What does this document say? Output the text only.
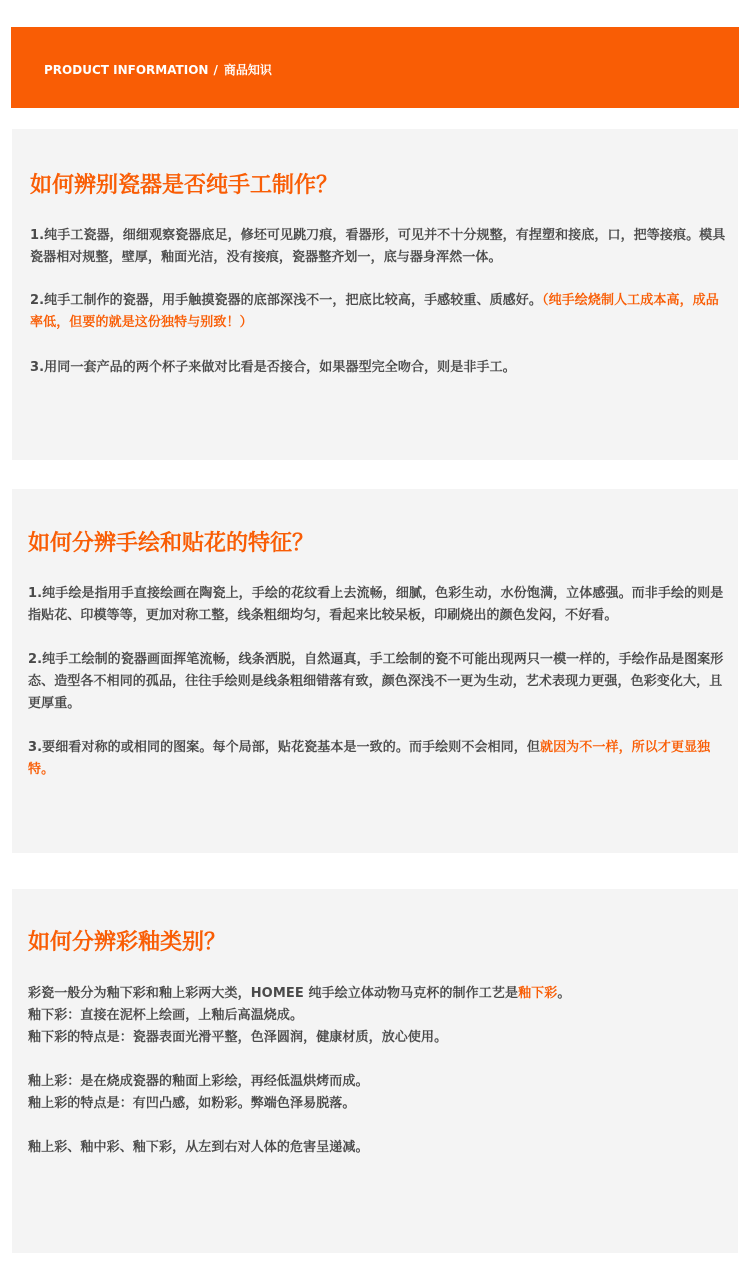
PRODUCT INFORMATION / 商品知识
如何辨别瓷器是否纯手工制作？

1.纯手工瓷器，细细观察瓷器底足，修坯可见跳刀痕，看器形，可见并不十分规整，有捏塑和接底，口，把等接痕。模具瓷器相对规整，壁厚，釉面光洁，没有接痕，瓷器整齐划一，底与器身浑然一体。

2.纯手工制作的瓷器，用手触摸瓷器的底部深浅不一，把底比较高，手感较重、质感好。（纯手绘烧制人工成本高，成品率低，但要的就是这份独特与别致！）

3.用同一套产品的两个杯子来做对比看是否接合，如果器型完全吻合，则是非手工。

如何分辨手绘和贴花的特征？

1.纯手绘是指用手直接绘画在陶瓷上，手绘的花纹看上去流畅，细腻，色彩生动，水份饱满，立体感强。而非手绘的则是指贴花、印模等等，更加对称工整，线条粗细均匀，看起来比较呆板，印刷烧出的颜色发闷，不好看。

2.纯手工绘制的瓷器画面挥笔流畅，线条洒脱，自然逼真，手工绘制的瓷不可能出现两只一模一样的，手绘作品是图案形态、造型各不相同的孤品，往往手绘则是线条粗细错落有致，颜色深浅不一更为生动，艺术表现力更强，色彩变化大，且更厚重。

3.要细看对称的或相同的图案。每个局部，贴花瓷基本是一致的。而手绘则不会相同，但就因为不一样，所以才更显独特。

如何分辨彩釉类别？

彩瓷一般分为釉下彩和釉上彩两大类，HOMEE 纯手绘立体动物马克杯的制作工艺是釉下彩。

釉下彩：直接在泥杯上绘画，上釉后高温烧成。

釉下彩的特点是：瓷器表面光滑平整，色泽圆润，健康材质，放心使用。

釉上彩：是在烧成瓷器的釉面上彩绘，再经低温烘烤而成。

釉上彩的特点是：有凹凸感，如粉彩。弊端色泽易脱落。

釉上彩、釉中彩、釉下彩，从左到右对人体的危害呈递减。
